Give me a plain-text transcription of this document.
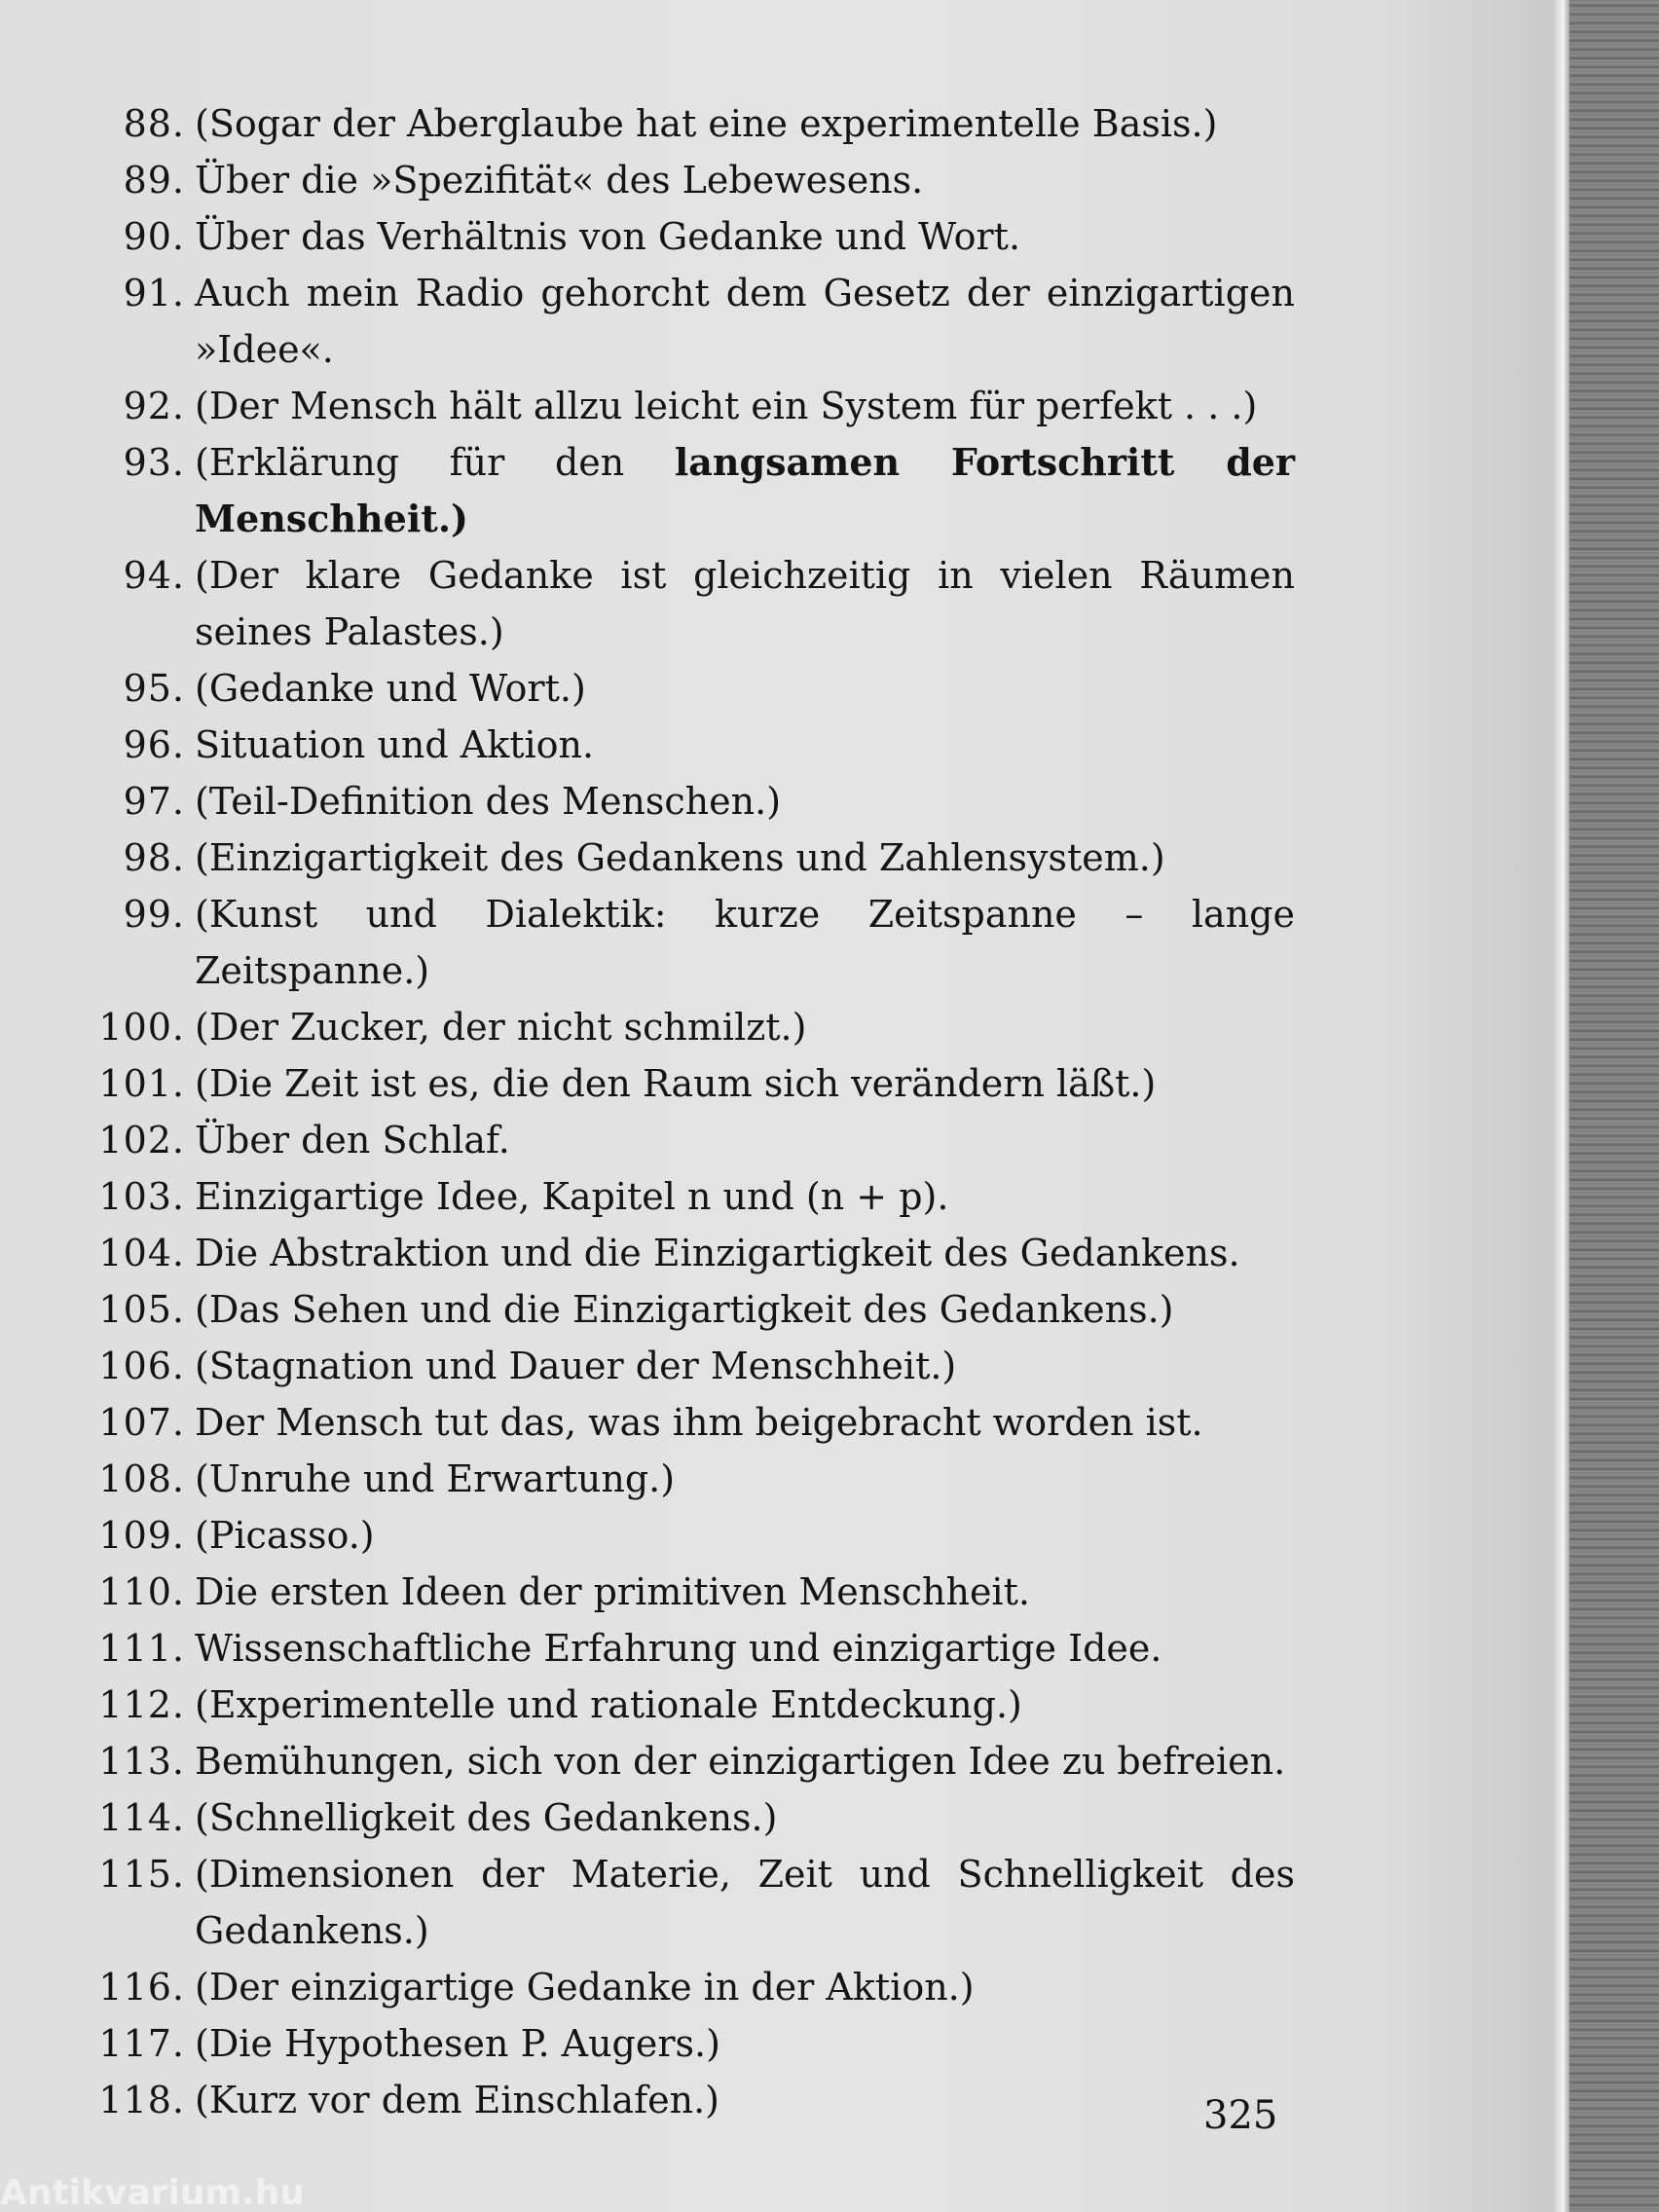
88. (Sogar der Aberglaube hat eine experimentelle Basis.)
89. Über die »Spezifität« des Lebewesens.
90. Über das Verhältnis von Gedanke und Wort.
91. Auch mein Radio gehorcht dem Gesetz der einzigartigen »Idee«.
92. (Der Mensch hält allzu leicht ein System für perfekt . . .)
93. (Erklärung für den langsamen Fortschritt der Menschheit.)
94. (Der klare Gedanke ist gleichzeitig in vielen Räumen seines Palastes.)
95. (Gedanke und Wort.)
96. Situation und Aktion.
97. (Teil-Definition des Menschen.)
98. (Einzigartigkeit des Gedankens und Zahlensystem.)
99. (Kunst und Dialektik: kurze Zeitspanne – lange Zeitspanne.)
100. (Der Zucker, der nicht schmilzt.)
101. (Die Zeit ist es, die den Raum sich verändern läßt.)
102. Über den Schlaf.
103. Einzigartige Idee, Kapitel n und (n + p).
104. Die Abstraktion und die Einzigartigkeit des Gedankens.
105. (Das Sehen und die Einzigartigkeit des Gedankens.)
106. (Stagnation und Dauer der Menschheit.)
107. Der Mensch tut das, was ihm beigebracht worden ist.
108. (Unruhe und Erwartung.)
109. (Picasso.)
110. Die ersten Ideen der primitiven Menschheit.
111. Wissenschaftliche Erfahrung und einzigartige Idee.
112. (Experimentelle und rationale Entdeckung.)
113. Bemühungen, sich von der einzigartigen Idee zu befreien.
114. (Schnelligkeit des Gedankens.)
115. (Dimensionen der Materie, Zeit und Schnelligkeit des Gedankens.)
116. (Der einzigartige Gedanke in der Aktion.)
117. (Die Hypothesen P. Augers.)
118. (Kurz vor dem Einschlafen.)	325
Antikvarium.hu
